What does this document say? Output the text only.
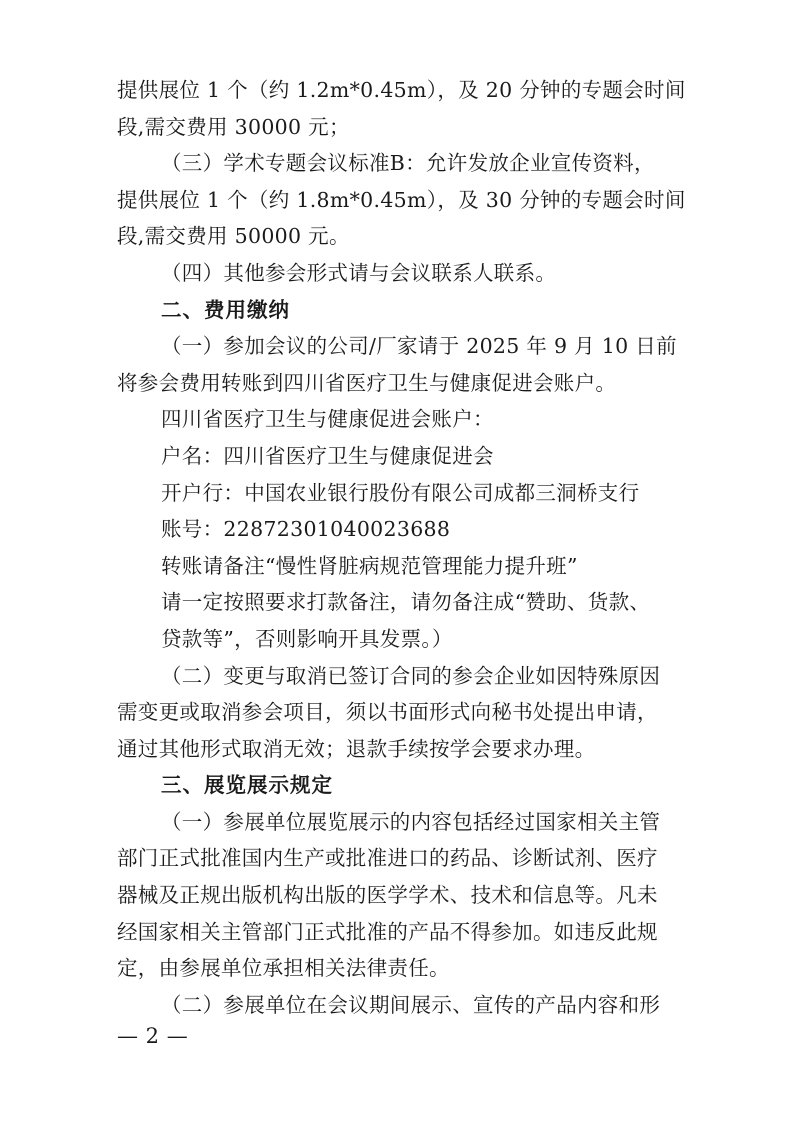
提供展位 1 个（约 1.2m*0.45m），及 20 分钟的专题会时间
段,需交费用 30000 元；
（三）学术专题会议标准B：允许发放企业宣传资料，
提供展位 1 个（约 1.8m*0.45m），及 30 分钟的专题会时间
段,需交费用 50000 元。
（四）其他参会形式请与会议联系人联系。
二、费用缴纳
（一）参加会议的公司/厂家请于 2025 年 9 月 10 日前
将参会费用转账到四川省医疗卫生与健康促进会账户。
四川省医疗卫生与健康促进会账户：
户名：四川省医疗卫生与健康促进会
开户行：中国农业银行股份有限公司成都三洞桥支行
账号：22872301040023688
转账请备注“慢性肾脏病规范管理能力提升班”
请一定按照要求打款备注，请勿备注成“赞助、货款、
贷款等”，否则影响开具发票。）
（二）变更与取消已签订合同的参会企业如因特殊原因
需变更或取消参会项目，须以书面形式向秘书处提出申请，
通过其他形式取消无效；退款手续按学会要求办理。
三、展览展示规定
（一）参展单位展览展示的内容包括经过国家相关主管
部门正式批准国内生产或批准进口的药品、诊断试剂、医疗
器械及正规出版机构出版的医学学术、技术和信息等。凡未
经国家相关主管部门正式批准的产品不得参加。如违反此规
定，由参展单位承担相关法律责任。
（二）参展单位在会议期间展示、宣传的产品内容和形
— 2 —
